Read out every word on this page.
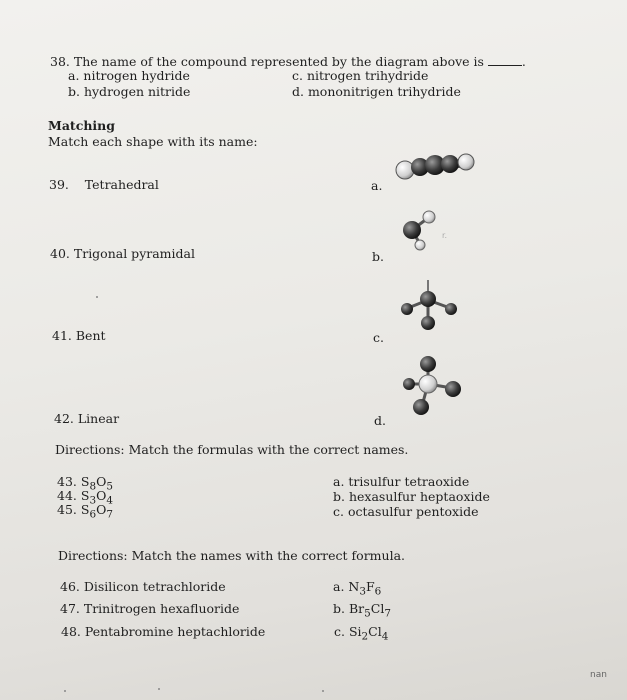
38. The name of the compound represented by the diagram above is	.
a. nitrogen hydride
b. hydrogen nitride
c. nitrogen trihydride
d. mononitrigen trihydride
Matching
Match each shape with its name:
39. Tetrahedral
40. Trigonal pyramidal
41. Bent
42. Linear
a.
b.
c.
d.
r.
Directions: Match the formulas with the correct names.
43. $S_8O_5$
44. $S_3O_4$
45. $S_6O_7$
a. trisulfur tetraoxide
b. hexasulfur heptaoxide
c. octasulfur pentoxide
Directions: Match the names with the correct formula.
46. Disilicon tetrachloride
47. Trinitrogen hexafluoride
48. Pentabromine heptachloride
a. $N_3F_6$
b. $Br_5Cl_7$
c. $Si_2Cl_4$
nan
